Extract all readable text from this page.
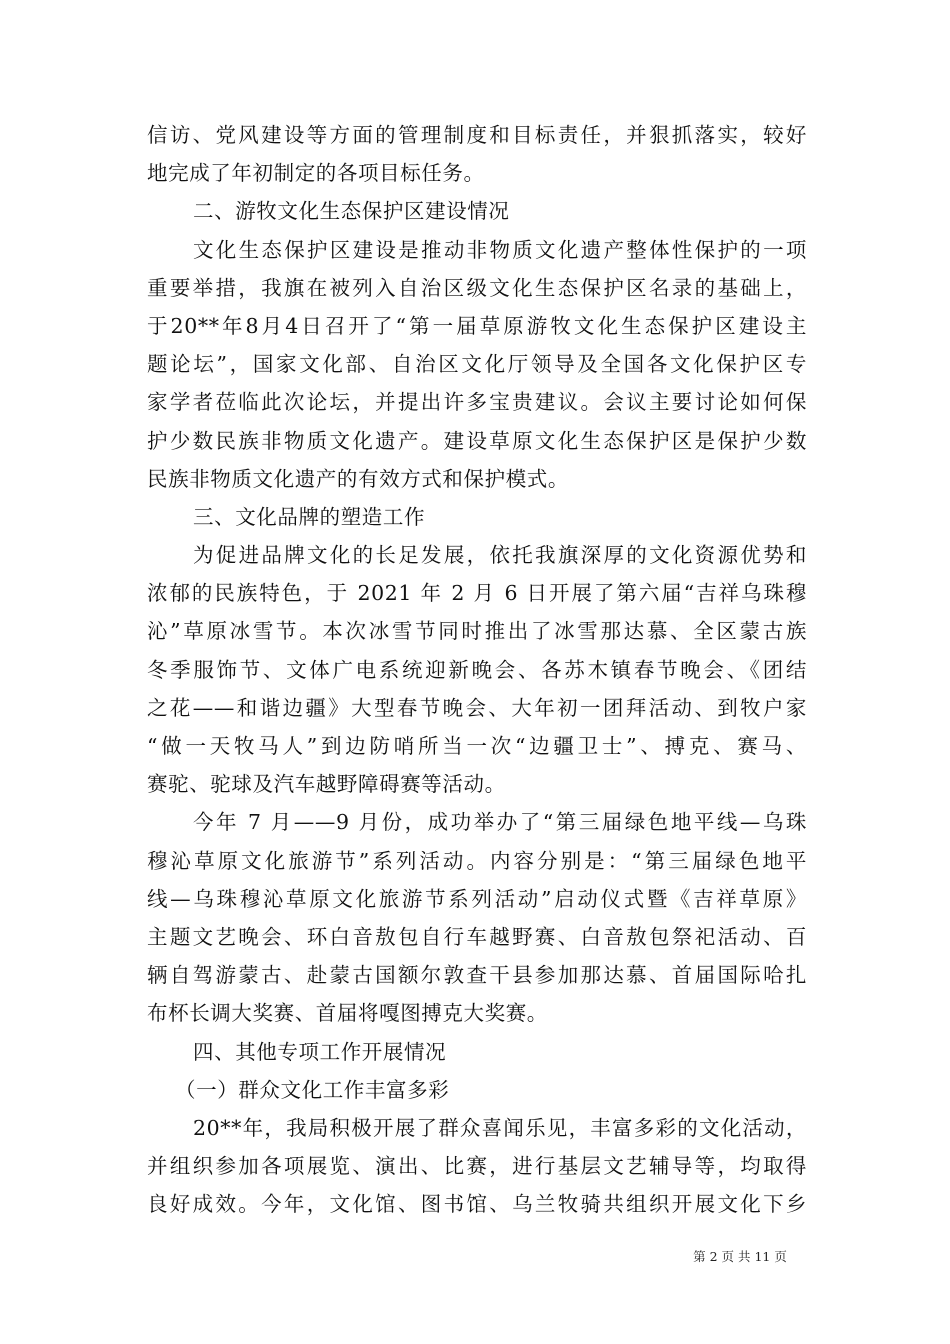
信访、党风建设等方面的管理制度和目标责任，并狠抓落实，较好
地完成了年初制定的各项目标任务。
二、游牧文化生态保护区建设情况
文化生态保护区建设是推动非物质文化遗产整体性保护的一项
重要举措，我旗在被列入自治区级文化生态保护区名录的基础上，
于20**年8月4日召开了“第一届草原游牧文化生态保护区建设主
题论坛”，国家文化部、自治区文化厅领导及全国各文化保护区专
家学者莅临此次论坛，并提出许多宝贵建议。会议主要讨论如何保
护少数民族非物质文化遗产。建设草原文化生态保护区是保护少数
民族非物质文化遗产的有效方式和保护模式。
三、文化品牌的塑造工作
为促进品牌文化的长足发展，依托我旗深厚的文化资源优势和
浓郁的民族特色，于 2021 年 2 月 6 日开展了第六届“吉祥乌珠穆
沁”草原冰雪节。本次冰雪节同时推出了冰雪那达慕、全区蒙古族
冬季服饰节、文体广电系统迎新晚会、各苏木镇春节晚会、《团结
之花——和谐边疆》大型春节晚会、大年初一团拜活动、到牧户家
“做一天牧马人”到边防哨所当一次“边疆卫士”、搏克、赛马、
赛驼、驼球及汽车越野障碍赛等活动。
今年 7 月——9 月份，成功举办了“第三届绿色地平线—乌珠
穆沁草原文化旅游节”系列活动。内容分别是：“第三届绿色地平
线—乌珠穆沁草原文化旅游节系列活动”启动仪式暨《吉祥草原》
主题文艺晚会、环白音敖包自行车越野赛、白音敖包祭祀活动、百
辆自驾游蒙古、赴蒙古国额尔敦查干县参加那达慕、首届国际哈扎
布杯长调大奖赛、首届将嘎图搏克大奖赛。
四、其他专项工作开展情况
（一）群众文化工作丰富多彩
20**年，我局积极开展了群众喜闻乐见，丰富多彩的文化活动，
并组织参加各项展览、演出、比赛，进行基层文艺辅导等，均取得
良好成效。今年，文化馆、图书馆、乌兰牧骑共组织开展文化下乡
第 2 页 共 11 页
